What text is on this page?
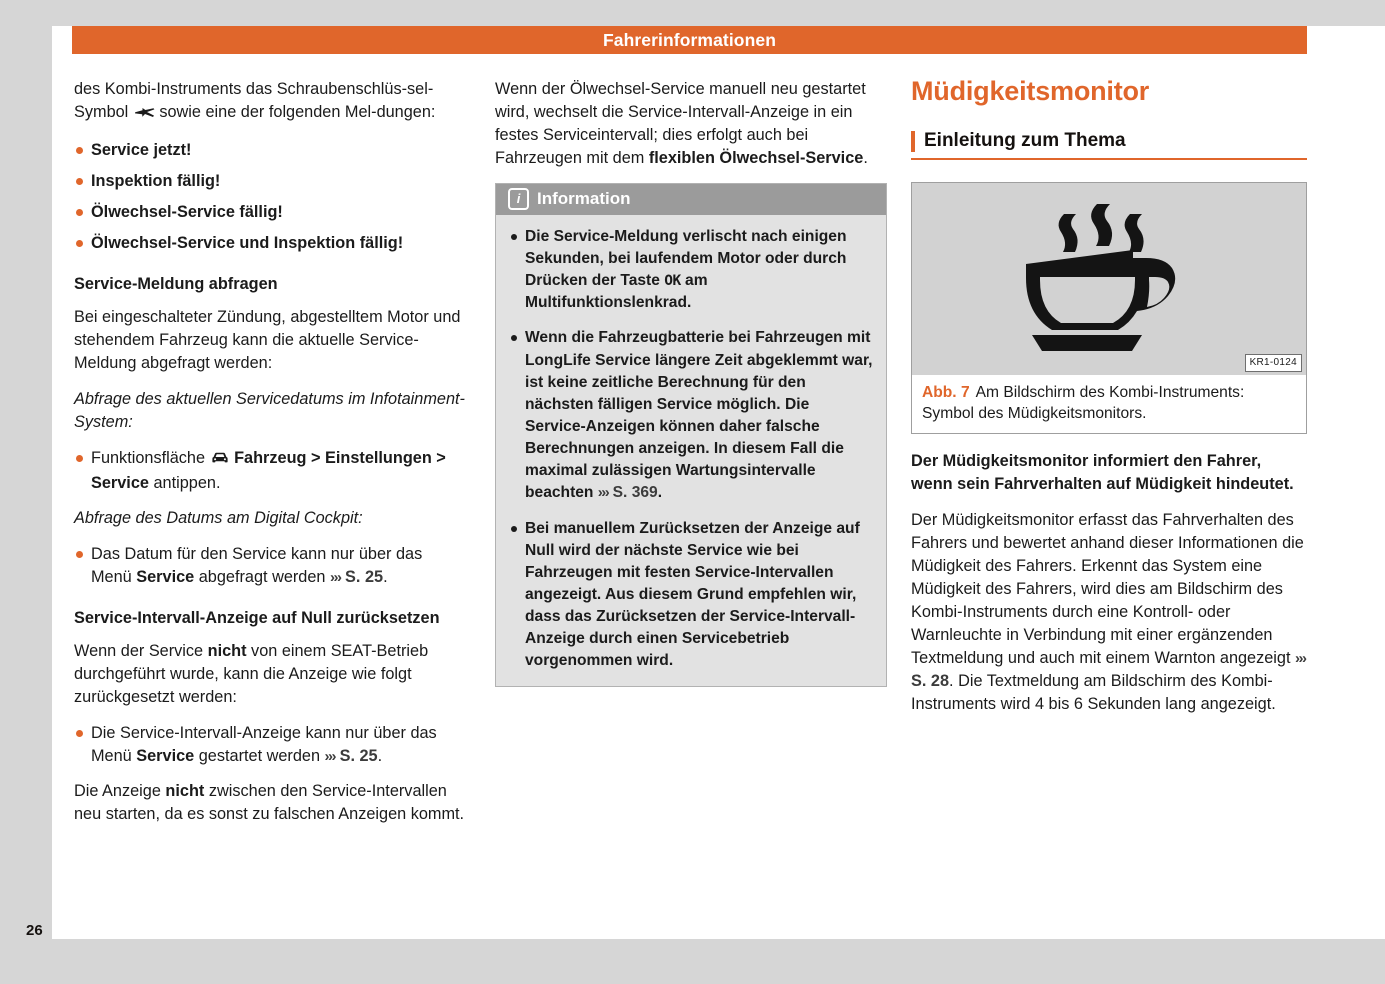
Fahrerinformationen
26

des Kombi-Instruments das Schraubenschlüs-sel-Symbol  sowie eine der folgenden Mel-dungen:

Service jetzt!
Inspektion fällig!
Ölwechsel-Service fällig!
Ölwechsel-Service und Inspektion fällig!
Service-Meldung abfragen

Bei eingeschalteter Zündung, abgestelltem Motor und stehendem Fahrzeug kann die aktuelle Service-Meldung abgefragt werden:

Abfrage des aktuellen Servicedatums im Infotainment-System:

Funktionsfläche  Fahrzeug > Einstellungen > Service antippen.

Abfrage des Datums am Digital Cockpit:

Das Datum für den Service kann nur über das Menü Service abgefragt werden ››› S. 25.
Service-Intervall-Anzeige auf Null zurücksetzen

Wenn der Service nicht von einem SEAT-Betrieb durchgeführt wurde, kann die Anzeige wie folgt zurückgesetzt werden:

Die Service-Intervall-Anzeige kann nur über das Menü Service gestartet werden ››› S. 25.

Die Anzeige nicht zwischen den Service-Intervallen neu starten, da es sonst zu falschen Anzeigen kommt.

Wenn der Ölwechsel-Service manuell neu gestartet wird, wechselt die Service-Intervall-Anzeige in ein festes Serviceintervall; dies erfolgt auch bei Fahrzeugen mit dem flexiblen Ölwechsel-Service.

i Information
Die Service-Meldung verlischt nach einigen Sekunden, bei laufendem Motor oder durch Drücken der Taste OK am Multifunktionslenkrad.
Wenn die Fahrzeugbatterie bei Fahrzeugen mit LongLife Service längere Zeit abgeklemmt war, ist keine zeitliche Berechnung für den nächsten fälligen Service möglich. Die Service-Anzeigen können daher falsche Berechnungen anzeigen. In diesem Fall die maximal zulässigen Wartungsintervalle beachten ››› S. 369.
Bei manuellem Zurücksetzen der Anzeige auf Null wird der nächste Service wie bei Fahrzeugen mit festen Service-Intervallen angezeigt. Aus diesem Grund empfehlen wir, dass das Zurücksetzen der Service-Intervall-Anzeige durch einen Servicebetrieb vorgenommen wird.
Müdigkeitsmonitor
Einleitung zum Thema
KR1-0124
Abb. 7 Am Bildschirm des Kombi-Instruments: Symbol des Müdigkeitsmonitors.

Der Müdigkeitsmonitor informiert den Fahrer, wenn sein Fahrverhalten auf Müdigkeit hindeutet.

Der Müdigkeitsmonitor erfasst das Fahrverhalten des Fahrers und bewertet anhand dieser Informationen die Müdigkeit des Fahrers. Erkennt das System eine Müdigkeit des Fahrers, wird dies am Bildschirm des Kombi-Instruments durch eine Kontroll- oder Warnleuchte in Verbindung mit einer ergänzenden Textmeldung und auch mit einem Warnton angezeigt ››› S. 28. Die Textmeldung am Bildschirm des Kombi-Instruments wird 4 bis 6 Sekunden lang angezeigt.
